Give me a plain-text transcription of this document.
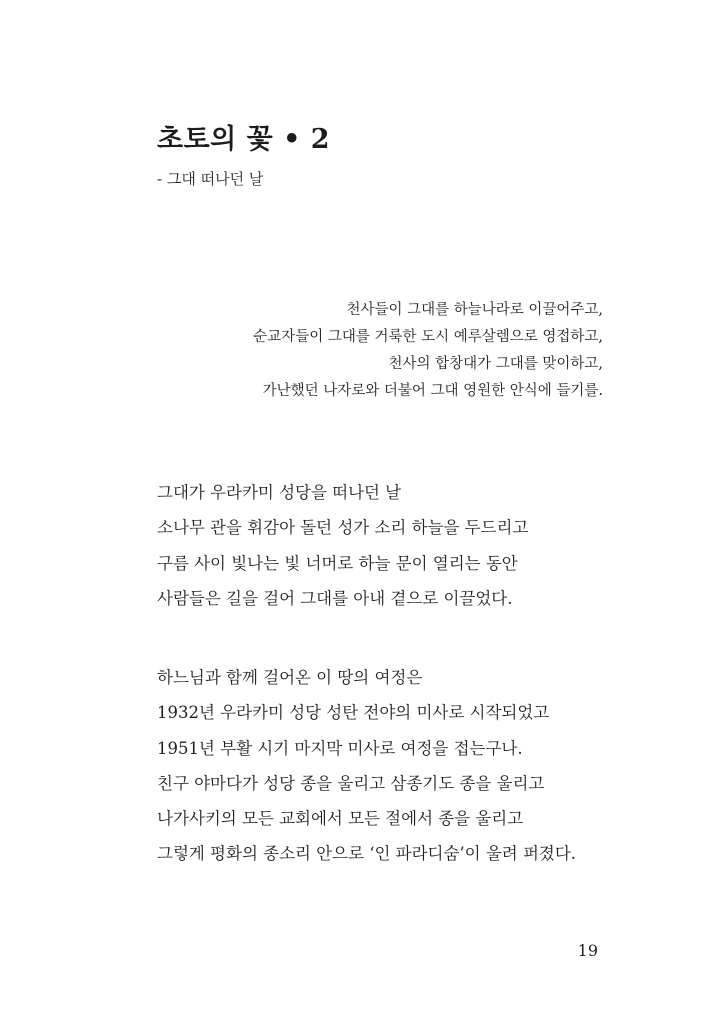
초토의 꽃 • 2
- 그대 떠나던 날
천사들이 그대를 하늘나라로 이끌어주고,
순교자들이 그대를 거룩한 도시 예루살렘으로 영접하고,
천사의 합창대가 그대를 맞이하고,
가난했던 나자로와 더불어 그대 영원한 안식에 들기를.
그대가 우라카미 성당을 떠나던 날
소나무 관을 휘감아 돌던 성가 소리 하늘을 두드리고
구름 사이 빛나는 빛 너머로 하늘 문이 열리는 동안
사람들은 길을 걸어 그대를 아내 곁으로 이끌었다.
하느님과 함께 걸어온 이 땅의 여정은
1932년 우라카미 성당 성탄 전야의 미사로 시작되었고
1951년 부활 시기 마지막 미사로 여정을 접는구나.
친구 야마다가 성당 종을 울리고 삼종기도 종을 울리고
나가사키의 모든 교회에서 모든 절에서 종을 울리고
그렇게 평화의 종소리 안으로 ‘인 파라디숨’이 울려 퍼졌다.
19
